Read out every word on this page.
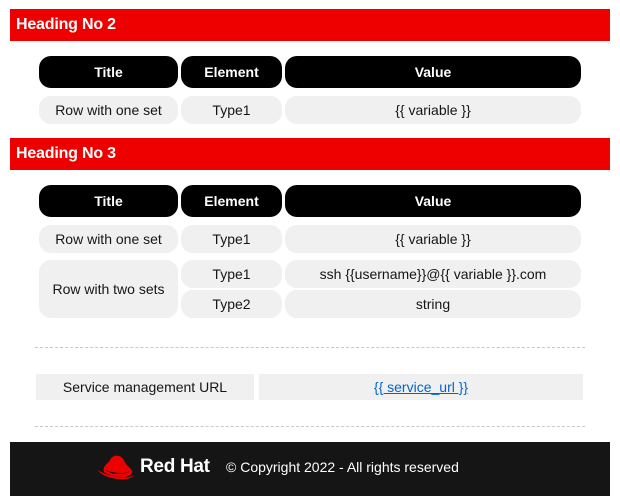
Heading No 2
Title	Element	Value
Row with one set	Type1	{{ variable }}
Heading No 3
Title	Element	Value
Row with one set	Type1	{{ variable }}
Row with two sets
Type1	ssh {{username}}@{{ variable }}.com
Type2	string
Service management URL	{{ service_url }}
Red Hat © Copyright 2022 - All rights reserved
